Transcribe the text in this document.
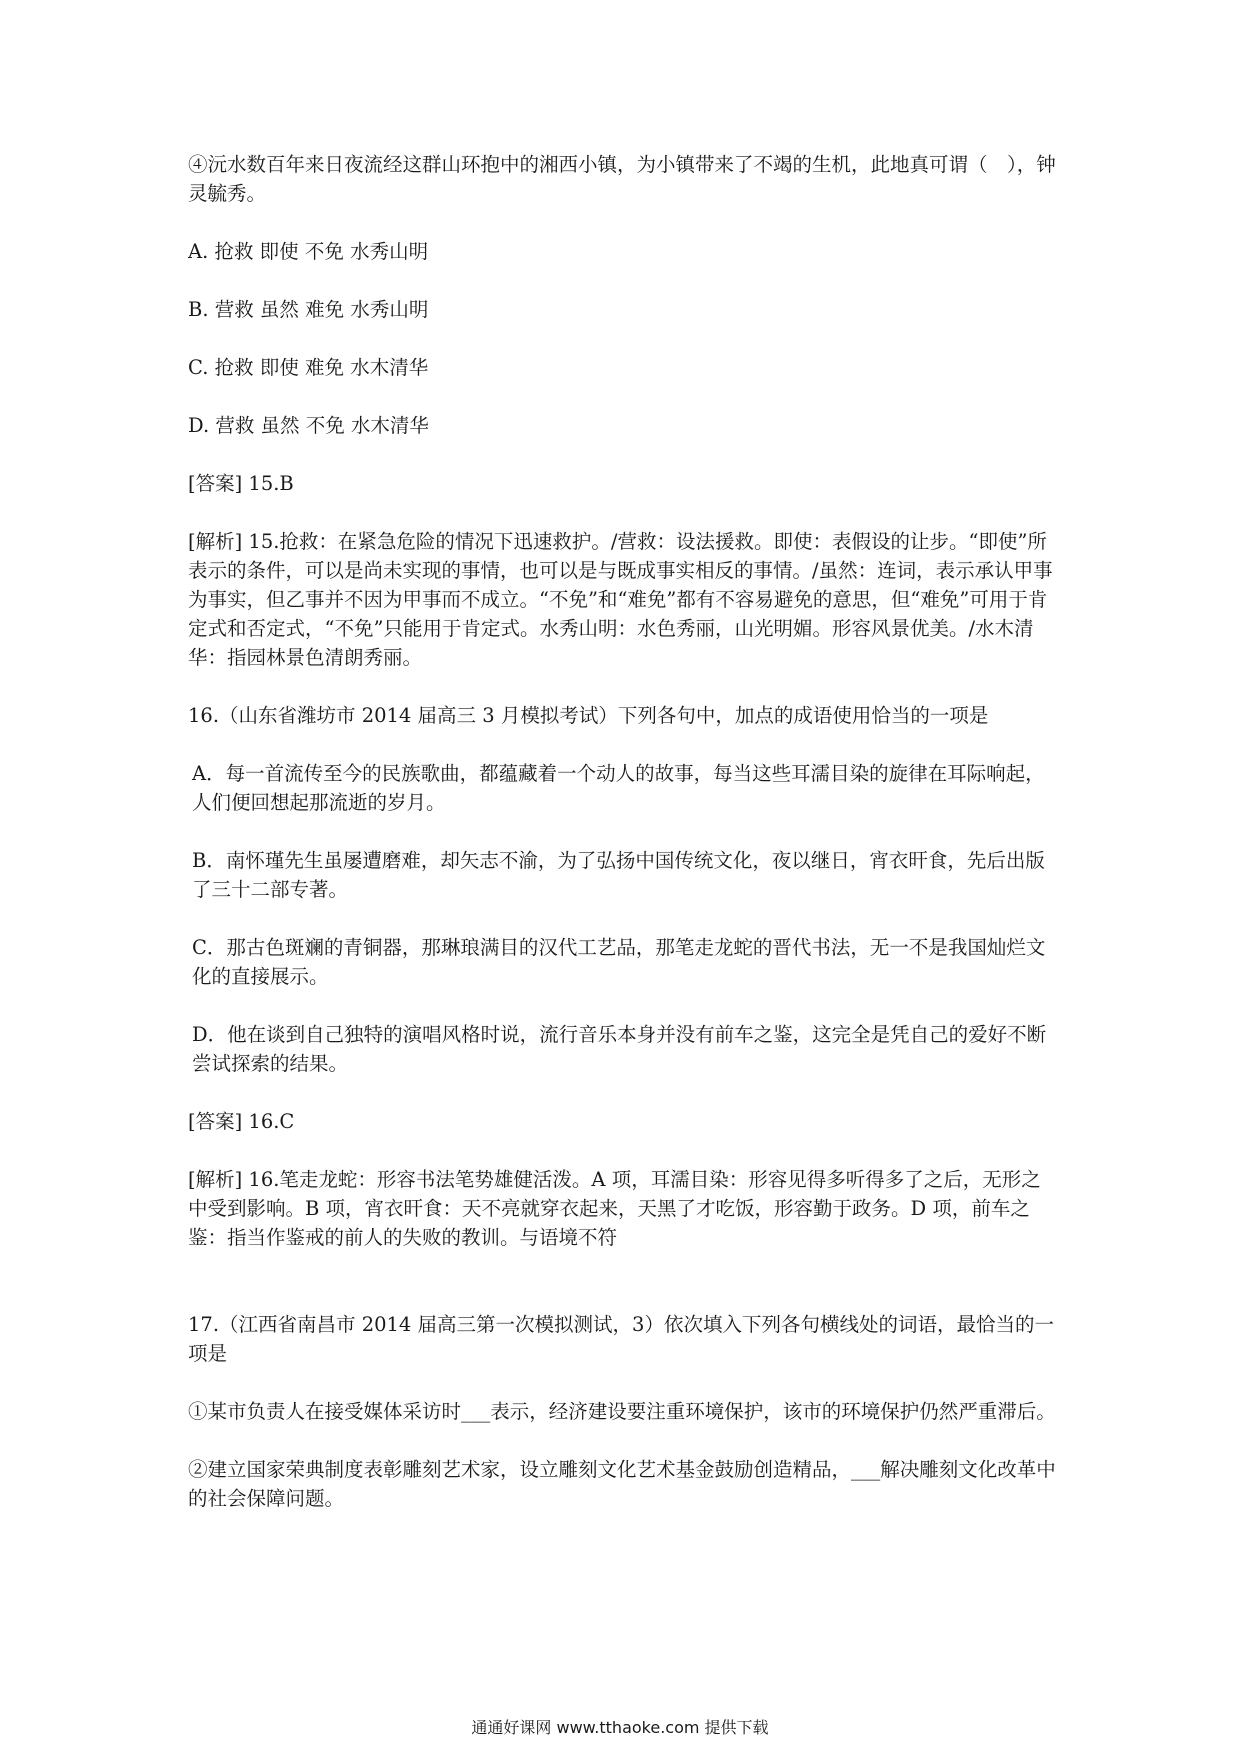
④沅水数百年来日夜流经这群山环抱中的湘西小镇，为小镇带来了不竭的生机，此地真可谓（　），钟灵毓秀。

A. 抢救 即使 不免 水秀山明

B. 营救 虽然 难免 水秀山明

C. 抢救 即使 难免 水木清华

D. 营救 虽然 不免 水木清华

[答案] 15.B

[解析] 15.抢救：在紧急危险的情况下迅速救护。/营救：设法援救。即使：表假设的让步。“即使”所表示的条件，可以是尚未实现的事情，也可以是与既成事实相反的事情。/虽然：连词，表示承认甲事为事实，但乙事并不因为甲事而不成立。“不免”和“难免”都有不容易避免的意思，但“难免”可用于肯定式和否定式，“不免”只能用于肯定式。水秀山明：水色秀丽，山光明媚。形容风景优美。/水木清华：指园林景色清朗秀丽。

16.（山东省潍坊市 2014 届高三 3 月模拟考试）下列各句中，加点的成语使用恰当的一项是

A．每一首流传至今的民族歌曲，都蕴藏着一个动人的故事，每当这些耳濡目染的旋律在耳际响起，人们便回想起那流逝的岁月。

B．南怀瑾先生虽屡遭磨难，却矢志不渝，为了弘扬中国传统文化，夜以继日，宵衣旰食，先后出版了三十二部专著。

C．那古色斑斓的青铜器，那琳琅满目的汉代工艺品，那笔走龙蛇的晋代书法，无一不是我国灿烂文化的直接展示。

D．他在谈到自己独特的演唱风格时说，流行音乐本身并没有前车之鉴，这完全是凭自己的爱好不断尝试探索的结果。

[答案] 16.C

[解析] 16.笔走龙蛇：形容书法笔势雄健活泼。A 项，耳濡目染：形容见得多听得多了之后，无形之中受到影响。B 项，宵衣旰食：天不亮就穿衣起来，天黑了才吃饭，形容勤于政务。D 项，前车之鉴：指当作鉴戒的前人的失败的教训。与语境不符

17.（江西省南昌市 2014 届高三第一次模拟测试，3）依次填入下列各句横线处的词语，最恰当的一项是

①某市负责人在接受媒体采访时___表示，经济建设要注重环境保护，该市的环境保护仍然严重滞后。

②建立国家荣典制度表彰雕刻艺术家，设立雕刻文化艺术基金鼓励创造精品，___解决雕刻文化改革中的社会保障问题。

通通好课网 www.tthaoke.com 提供下载
